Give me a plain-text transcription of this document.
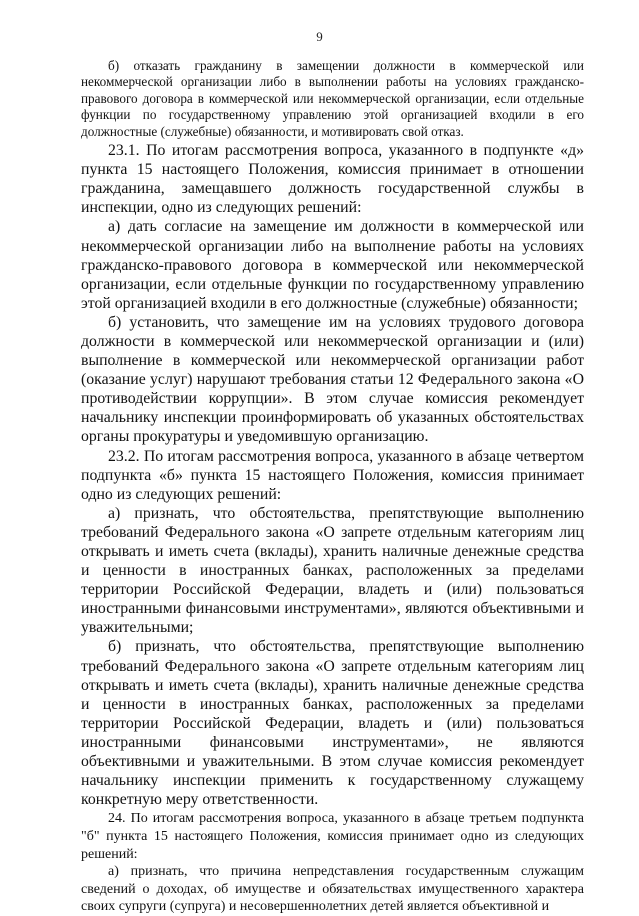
9

б) отказать гражданину в замещении должности в коммерческой или некоммерческой организации либо в выполнении работы на условиях гражданско-правового договора в коммерческой или некоммерческой организации, если отдельные функции по государственному управлению этой организацией входили в его должностные (служебные) обязанности, и мотивировать свой отказ.

23.1. По итогам рассмотрения вопроса, указанного в подпункте «д» пункта 15 настоящего Положения, комиссия принимает в отношении гражданина, замещавшего должность государственной службы в инспекции, одно из следующих решений:

а) дать согласие на замещение им должности в коммерческой или некоммерческой организации либо на выполнение работы на условиях гражданско-правового договора в коммерческой или некоммерческой организации, если отдельные функции по государственному управлению этой организацией входили в его должностные (служебные) обязанности;

б) установить, что замещение им на условиях трудового договора должности в коммерческой или некоммерческой организации и (или) выполнение в коммерческой или некоммерческой организации работ (оказание услуг) нарушают требования статьи 12 Федерального закона «О противодействии коррупции». В этом случае комиссия рекомендует начальнику инспекции проинформировать об указанных обстоятельствах органы прокуратуры и уведомившую организацию.

23.2. По итогам рассмотрения вопроса, указанного в абзаце четвертом подпункта «б» пункта 15 настоящего Положения, комиссия принимает одно из следующих решений:

а) признать, что обстоятельства, препятствующие выполнению требований Федерального закона «О запрете отдельным категориям лиц открывать и иметь счета (вклады), хранить наличные денежные средства и ценности в иностранных банках, расположенных за пределами территории Российской Федерации, владеть и (или) пользоваться иностранными финансовыми инструментами», являются объективными и уважительными;

б) признать, что обстоятельства, препятствующие выполнению требований Федерального закона «О запрете отдельным категориям лиц открывать и иметь счета (вклады), хранить наличные денежные средства и ценности в иностранных банках, расположенных за пределами территории Российской Федерации, владеть и (или) пользоваться иностранными финансовыми инструментами», не являются объективными и уважительными. В этом случае комиссия рекомендует начальнику инспекции применить к государственному служащему конкретную меру ответственности.

24. По итогам рассмотрения вопроса, указанного в абзаце третьем подпункта "б" пункта 15 настоящего Положения, комиссия принимает одно из следующих решений:

а) признать, что причина непредставления государственным служащим сведений о доходах, об имуществе и обязательствах имущественного характера своих супруги (супруга) и несовершеннолетних детей является объективной и
